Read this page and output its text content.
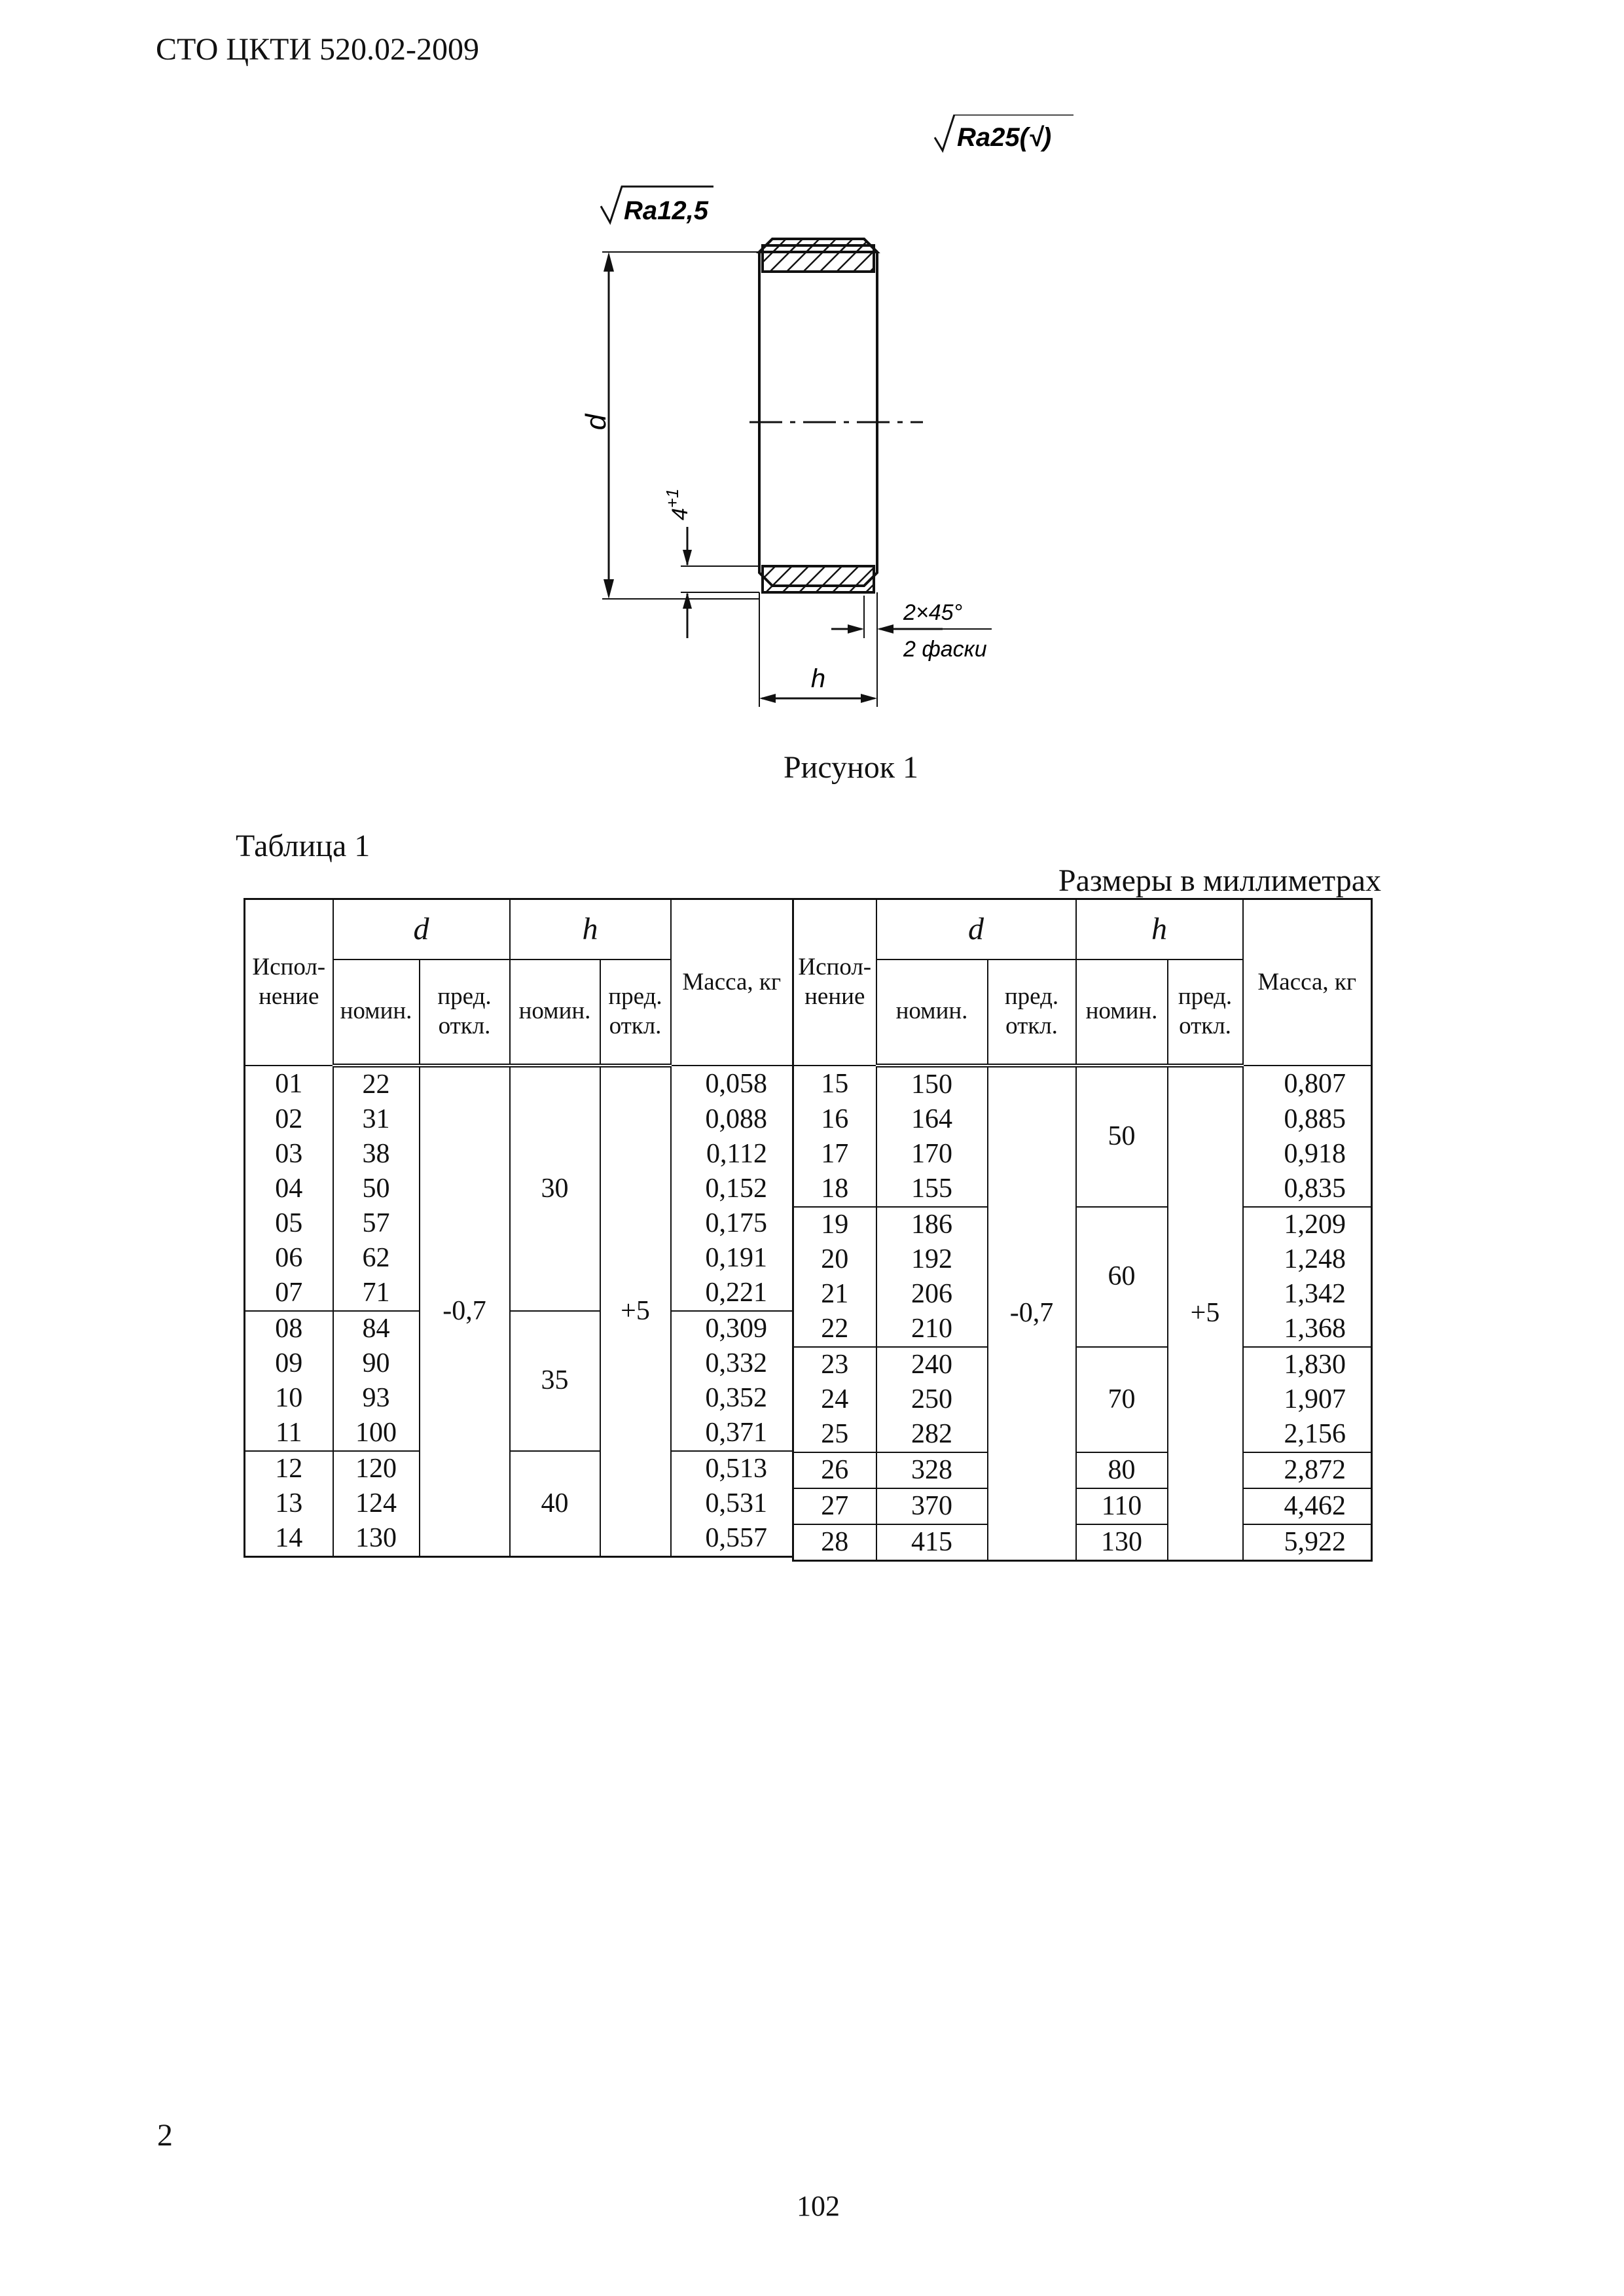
СТО ЦКТИ 520.02-2009
Ra25(√)
Ra12,5
d
$4^{+1}$
h
2×45°
2 фаски
Рисунок 1
Таблица 1
Размеры в миллиметрах
Испол-нение	d		h		Масса, кг
	номин.	пред. откл.	номин.	пред. откл.	
01	22	-0,7	30	+5	0,058
02	31				0,088
03	38				0,112
04	50				0,152
05	57				0,175
06	62				0,191
07	71				0,221
08	84		35		0,309
09	90				0,332
10	93				0,352
11	100				0,371
12	120		40		0,513
13	124				0,531
14	130				0,557
Испол-нение	d		h		Масса, кг
	номин.	пред. откл.	номин.	пред. откл.	
15	150	-0,7	50	+5	0,807
16	164				0,885
17	170				0,918
18	155				0,835
19	186		60		1,209
20	192				1,248
21	206				1,342
22	210				1,368
23	240		70		1,830
24	250				1,907
25	282				2,156
26	328		80		2,872
27	370		110		4,462
28	415		130		5,922
2
102
